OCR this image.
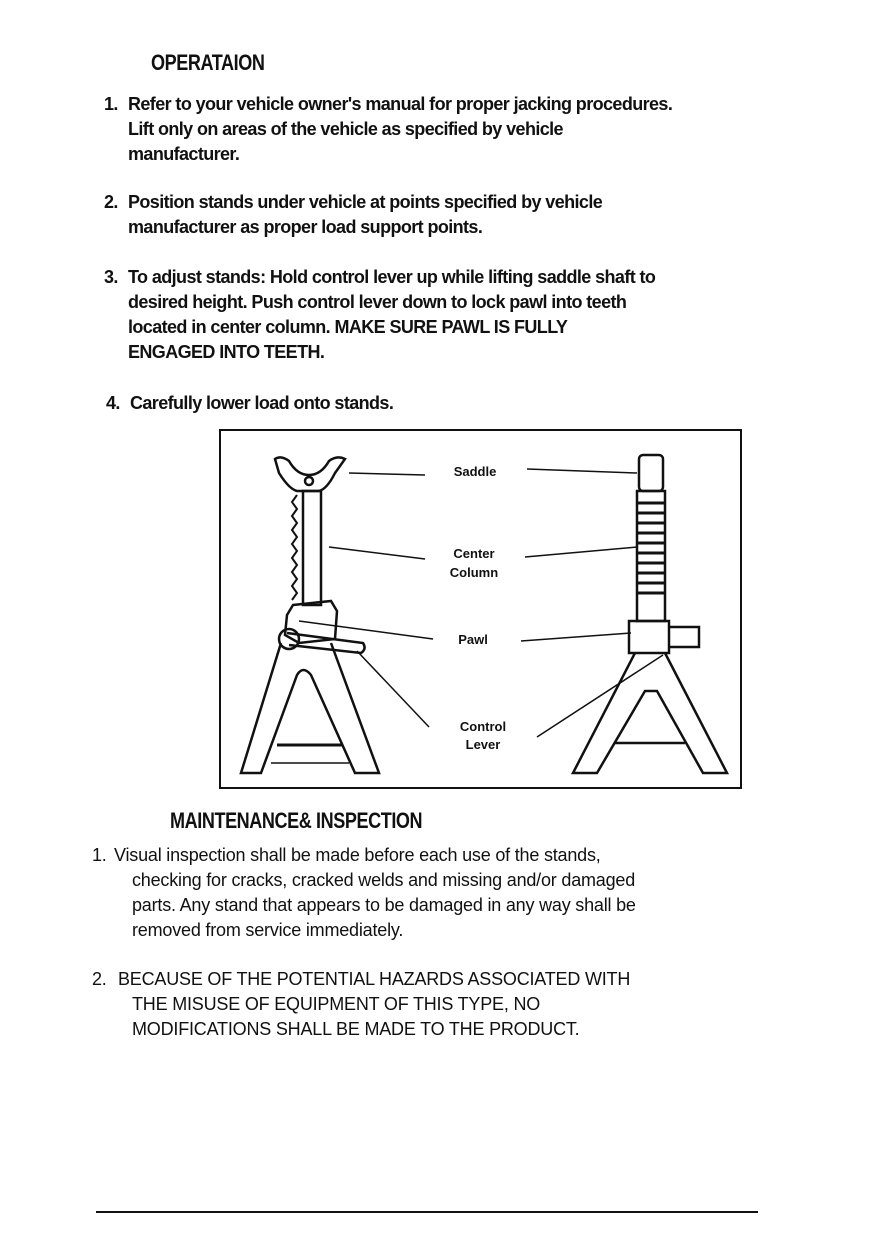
OPERATAION
1. Refer to your vehicle owner's manual for proper jacking procedures.
Lift only on areas of the vehicle as specified by vehicle
manufacturer.
2. Position stands under vehicle at points specified by vehicle
manufacturer as proper load support points.
3. To adjust stands: Hold control lever up while lifting saddle shaft to
desired height. Push control lever down to lock pawl into teeth
located in center column. MAKE SURE PAWL IS FULLY
ENGAGED INTO TEETH.
4. Carefully lower load onto stands.
Saddle
Center
Column
Pawl
Control
Lever
MAINTENANCE& INSPECTION
1. Visual inspection shall be made before each use of the stands,
checking for cracks, cracked welds and missing and/or damaged
parts. Any stand that appears to be damaged in any way shall be
removed from service immediately.
2. BECAUSE OF THE POTENTIAL HAZARDS ASSOCIATED WITH
THE MISUSE OF EQUIPMENT OF THIS TYPE, NO
MODIFICATIONS SHALL BE MADE TO THE PRODUCT.
